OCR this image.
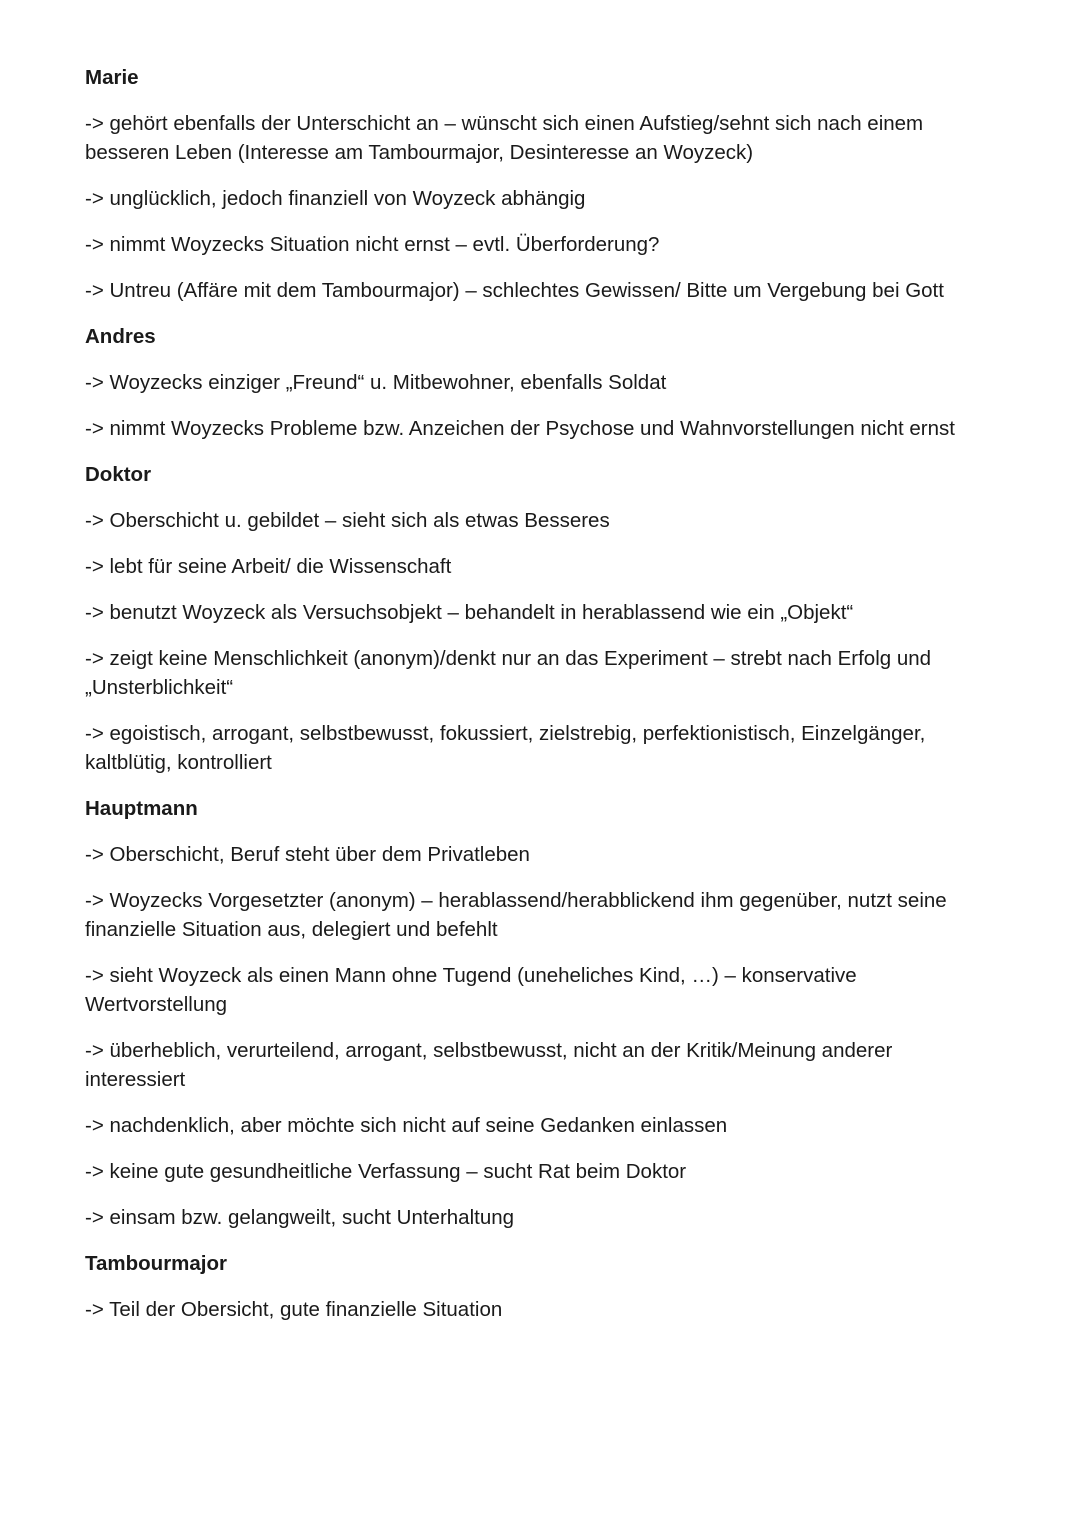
Marie
-> gehört ebenfalls der Unterschicht an – wünscht sich einen Aufstieg/sehnt sich nach einem besseren Leben (Interesse am Tambourmajor, Desinteresse an Woyzeck)
-> unglücklich, jedoch finanziell von Woyzeck abhängig
-> nimmt Woyzecks Situation nicht ernst – evtl. Überforderung?
-> Untreu (Affäre mit dem Tambourmajor) – schlechtes Gewissen/ Bitte um Vergebung bei Gott
Andres
-> Woyzecks einziger „Freund“ u. Mitbewohner, ebenfalls Soldat
-> nimmt Woyzecks Probleme bzw. Anzeichen der Psychose und Wahnvorstellungen nicht ernst
Doktor
-> Oberschicht u. gebildet – sieht sich als etwas Besseres
-> lebt für seine Arbeit/ die Wissenschaft
-> benutzt Woyzeck als Versuchsobjekt – behandelt in herablassend wie ein „Objekt“
-> zeigt keine Menschlichkeit (anonym)/denkt nur an das Experiment – strebt nach Erfolg und „Unsterblichkeit“
-> egoistisch, arrogant, selbstbewusst, fokussiert, zielstrebig, perfektionistisch, Einzelgänger, kaltblütig, kontrolliert
Hauptmann
-> Oberschicht, Beruf steht über dem Privatleben
-> Woyzecks Vorgesetzter (anonym) – herablassend/herabblickend ihm gegenüber, nutzt seine finanzielle Situation aus, delegiert und befehlt
-> sieht Woyzeck als einen Mann ohne Tugend (uneheliches Kind, …) – konservative Wertvorstellung
-> überheblich, verurteilend, arrogant, selbstbewusst, nicht an der Kritik/Meinung anderer interessiert
-> nachdenklich, aber möchte sich nicht auf seine Gedanken einlassen
-> keine gute gesundheitliche Verfassung – sucht Rat beim Doktor
-> einsam bzw. gelangweilt, sucht Unterhaltung
Tambourmajor
-> Teil der Obersicht, gute finanzielle Situation
